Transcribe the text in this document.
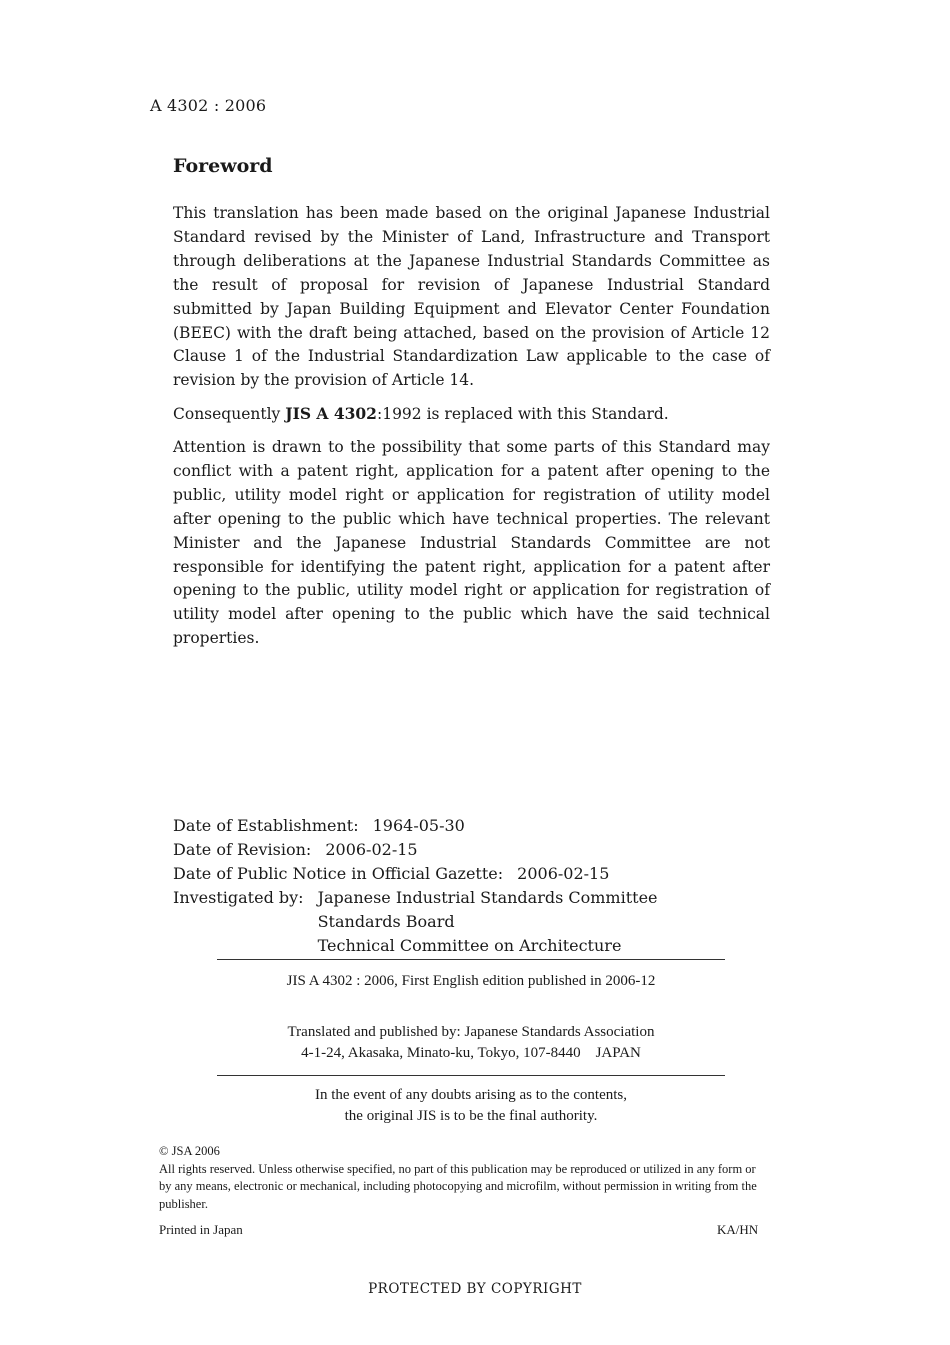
A 4302 : 2006
Foreword

This translation has been made based on the original Japanese Industrial Standard revised by the Minister of Land, Infrastructure and Transport through deliberations at the Japanese Industrial Standards Committee as the result of proposal for revision of Japanese Industrial Standard submitted by Japan Building Equipment and Elevator Center Foundation (BEEC) with the draft being attached, based on the provision of Article 12 Clause 1 of the Industrial Standardization Law applicable to the case of revision by the provision of Article 14.

Consequently JIS A 4302:1992 is replaced with this Standard.

Attention is drawn to the possibility that some parts of this Standard may conflict with a patent right, application for a patent after opening to the public, utility model right or application for registration of utility model after opening to the public which have technical properties. The relevant Minister and the Japanese Industrial Standards Committee are not responsible for identifying the patent right, application for a patent after opening to the public, utility model right or application for registration of utility model after opening to the public which have the said technical properties.

Date of Establishment: 1964-05-30
Date of Revision: 2006-02-15
Date of Public Notice in Official Gazette: 2006-02-15
Investigated by: Japanese Industrial Standards Committee
Standards Board
Technical Committee on Architecture
JIS A 4302 : 2006, First English edition published in 2006-12
Translated and published by: Japanese Standards Association
4-1-24, Akasaka, Minato-ku, Tokyo, 107-8440    JAPAN
In the event of any doubts arising as to the contents,
the original JIS is to be the final authority.
© JSA 2006
All rights reserved. Unless otherwise specified, no part of this publication may be reproduced or utilized in any form or by any means, electronic or mechanical, including photocopying and microfilm, without permission in writing from the publisher.
Printed in Japan	KA/HN
PROTECTED BY COPYRIGHT
